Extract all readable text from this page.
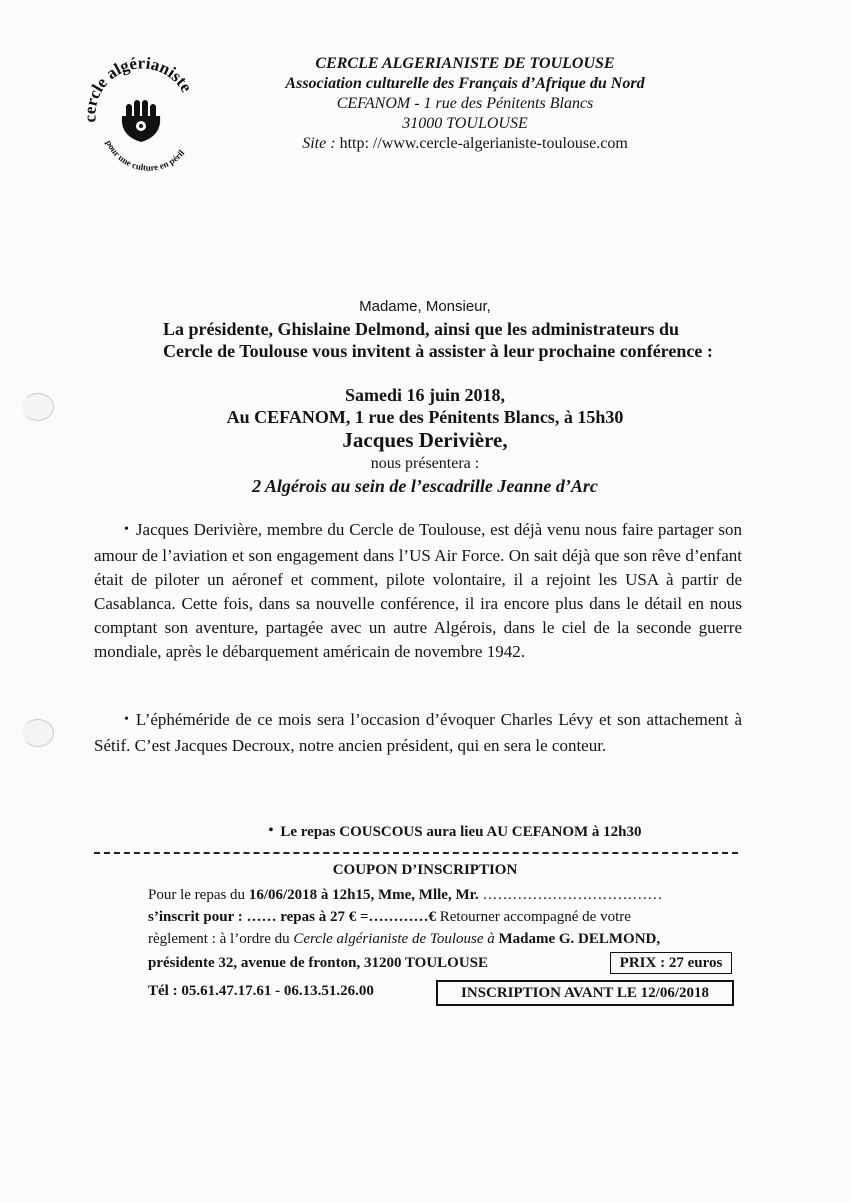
cercle algérianiste
pour une culture en péril
CERCLE ALGERIANISTE DE TOULOUSE
Association culturelle des Français d’Afrique du Nord
CEFANOM - 1 rue des Pénitents Blancs
31000 TOULOUSE
Site : http: //www.cercle-algerianiste-toulouse.com
Madame, Monsieur,
La présidente, Ghislaine Delmond, ainsi que les administrateurs du Cercle de Toulouse vous invitent à assister à leur prochaine conférence :
Samedi 16 juin 2018,
Au CEFANOM, 1 rue des Pénitents Blancs, à 15h30
Jacques Derivière,
nous présentera :
2 Algérois au sein de l’escadrille Jeanne d’Arc
• Jacques Derivière, membre du Cercle de Toulouse, est déjà venu nous faire partager son amour de l’aviation et son engagement dans l’US Air Force. On sait déjà que son rêve d’enfant était de piloter un aéronef et comment, pilote volontaire, il a rejoint les USA à partir de Casablanca. Cette fois, dans sa nouvelle conférence, il ira encore plus dans le détail en nous comptant son aventure, partagée avec un autre Algérois, dans le ciel de la seconde guerre mondiale, après le débarquement américain de novembre 1942.
• L’éphéméride de ce mois sera l’occasion d’évoquer Charles Lévy et son attachement à Sétif. C’est Jacques Decroux, notre ancien président, qui en sera le conteur.
• Le repas COUSCOUS aura lieu AU CEFANOM à 12h30
COUPON D’INSCRIPTION
Pour le repas du 16/06/2018 à 12h15, Mme, Mlle, Mr. ………………………………
s’inscrit pour : …… repas à 27 € =…………€ Retourner accompagné de votre
règlement : à l’ordre du Cercle algérianiste de Toulouse à Madame G. DELMOND,
présidente 32, avenue de fronton, 31200 TOULOUSE	PRIX : 27 euros
Tél : 05.61.47.17.61 - 06.13.51.26.00	INSCRIPTION AVANT LE 12/06/2018
